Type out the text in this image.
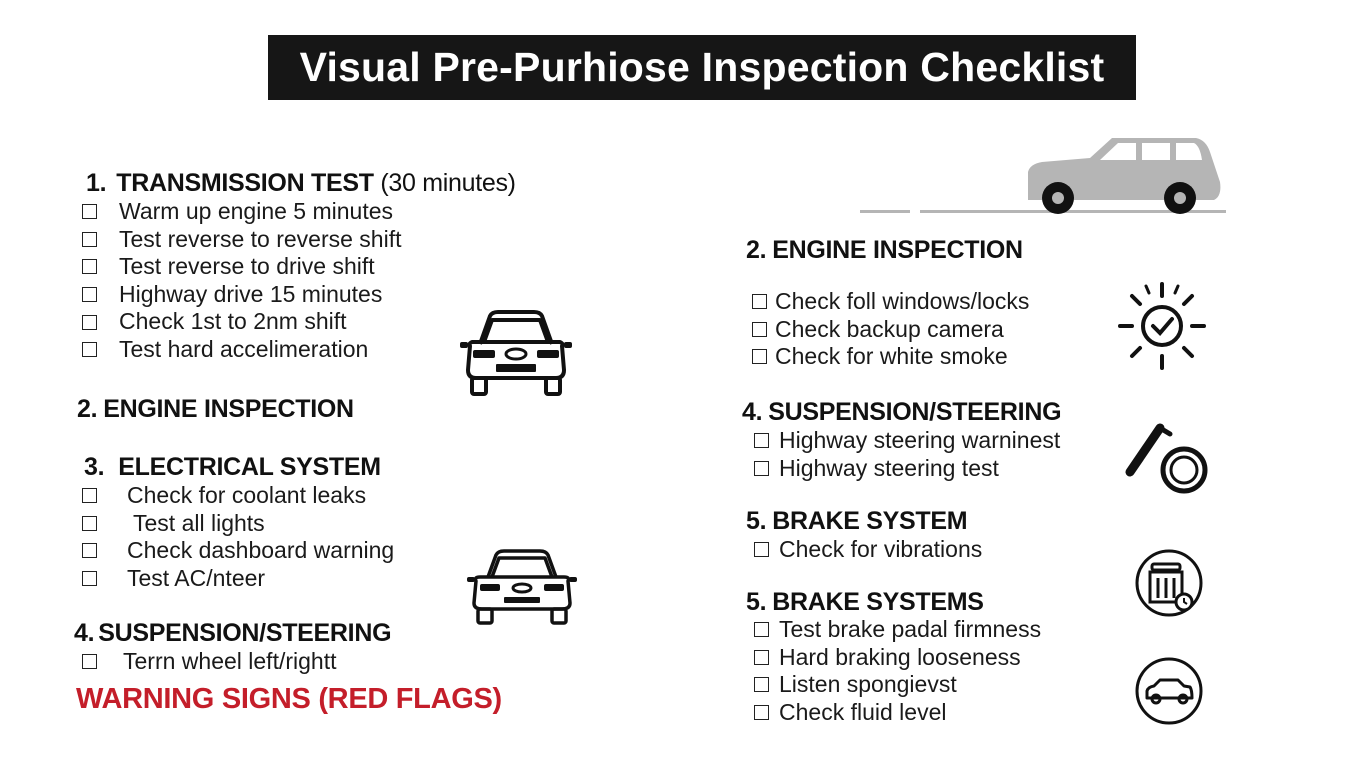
Visual Pre-Purhiose Inspection Checklist
1. TRANSMISSION TEST (30 minutes)
Warm up engine 5 minutes
Test reverse to reverse shift
Test reverse to drive shift
Highway drive 15 minutes
Check 1st to 2nm shift
Test hard accelimeration
2. ENGINE INSPECTION
3. ELECTRICAL SYSTEM
Check for coolant leaks
Test all lights
Check dashboard warning
Test AC/nteer
4. SUSPENSION/STEERING
Terrn wheel left/rightt
WARNING SIGNS (RED FLAGS)
2. ENGINE INSPECTION
Check foll windows/locks
Check backup camera
Check for white smoke
4. SUSPENSION/STEERING
Highway steering warninest
Highway steering test
5. BRAKE SYSTEM
Check for vibrations
5. BRAKE SYSTEMS
Test brake padal firmness
Hard braking looseness
Listen spongievst
Check fluid level
